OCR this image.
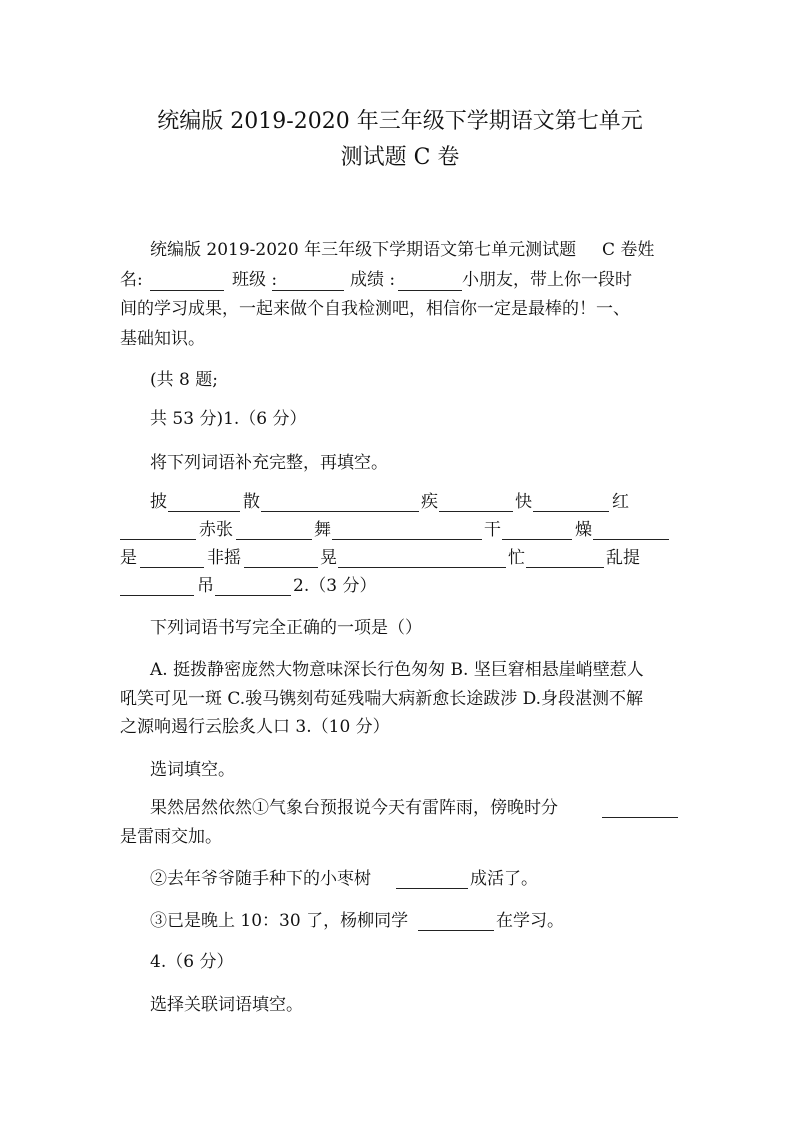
统编版 2019-2020 年三年级下学期语文第七单元
测试题 C 卷
统编版 2019-2020 年三年级下学期语文第七单元测试题 C 卷姓
名:	班级 :	成绩 :	小朋友，带上你一段时
间的学习成果，一起来做个自我检测吧，相信你一定是最棒的！一、
基础知识。
(共 8 题;
共 53 分)1.（6 分）
将下列词语补充完整，再填空。
披	散	疾	快	红
赤张	舞	干	燥
是	非摇	晃	忙	乱提
吊	2.（3 分）
下列词语书写完全正确的一项是（）
A. 挺拨静密庞然大物意味深长行色匆匆 B. 坚巨窘相悬崖峭壁惹人
吼笑可见一斑 C.骏马镌刻苟延残喘大病新愈长途跋涉 D.身段湛测不解
之源响遏行云脍炙人口 3.（10 分）
选词填空。
果然居然依然①气象台预报说今天有雷阵雨，傍晚时分
是雷雨交加。
②去年爷爷随手种下的小枣树	成活了。
③已是晚上 10：30 了，杨柳同学	在学习。
4.（6 分）
选择关联词语填空。
